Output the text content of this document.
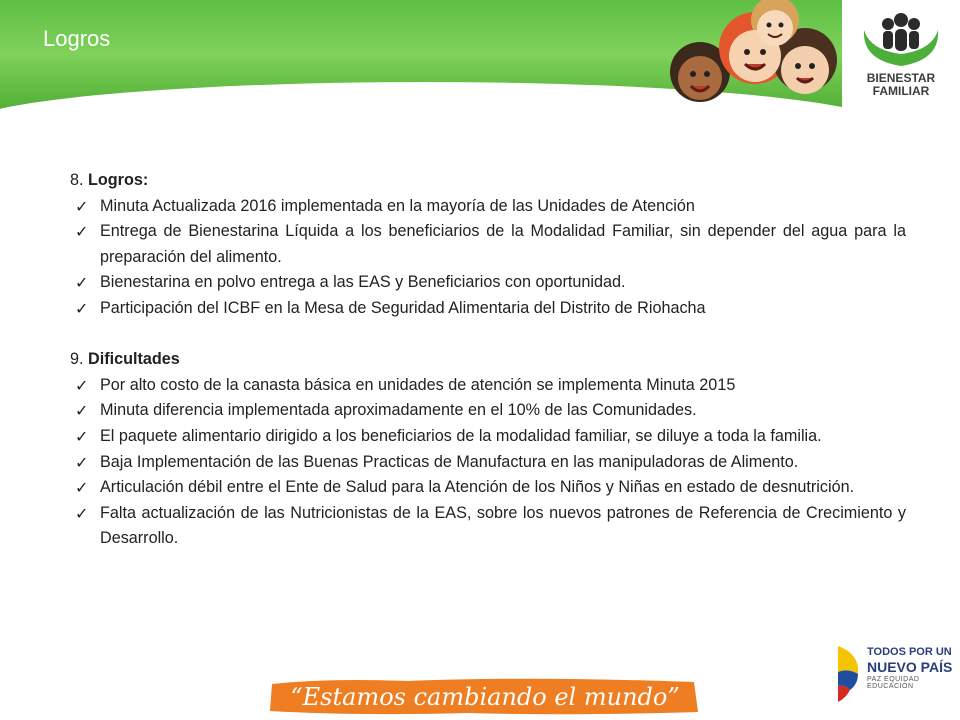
Logros
BIENESTAR
FAMILIAR

8. Logros:

✓ Minuta Actualizada 2016 implementada en la mayoría de las Unidades de Atención
✓ Entrega de Bienestarina Líquida a los beneficiarios de la Modalidad Familiar, sin depender del agua para la preparación del alimento.
✓ Bienestarina en polvo entrega a las EAS y Beneficiarios con oportunidad.
✓ Participación del ICBF en la Mesa de Seguridad Alimentaria del Distrito de Riohacha

9. Dificultades

✓ Por alto costo de la canasta básica en unidades de atención se implementa Minuta 2015
✓ Minuta diferencia implementada aproximadamente en el 10% de las Comunidades.
✓ El paquete alimentario dirigido a los beneficiarios de la modalidad familiar, se diluye a toda la familia.
✓ Baja Implementación de las Buenas Practicas de Manufactura en las manipuladoras de Alimento.
✓ Articulación débil entre el Ente de Salud para la Atención de los Niños y Niñas en estado de desnutrición.
✓ Falta actualización de las Nutricionistas de la EAS, sobre los nuevos patrones de Referencia de Crecimiento y Desarrollo.
“Estamos cambiando el mundo”
TODOS POR UN
NUEVO PAÍS
PAZ EQUIDAD EDUCACIÓN
